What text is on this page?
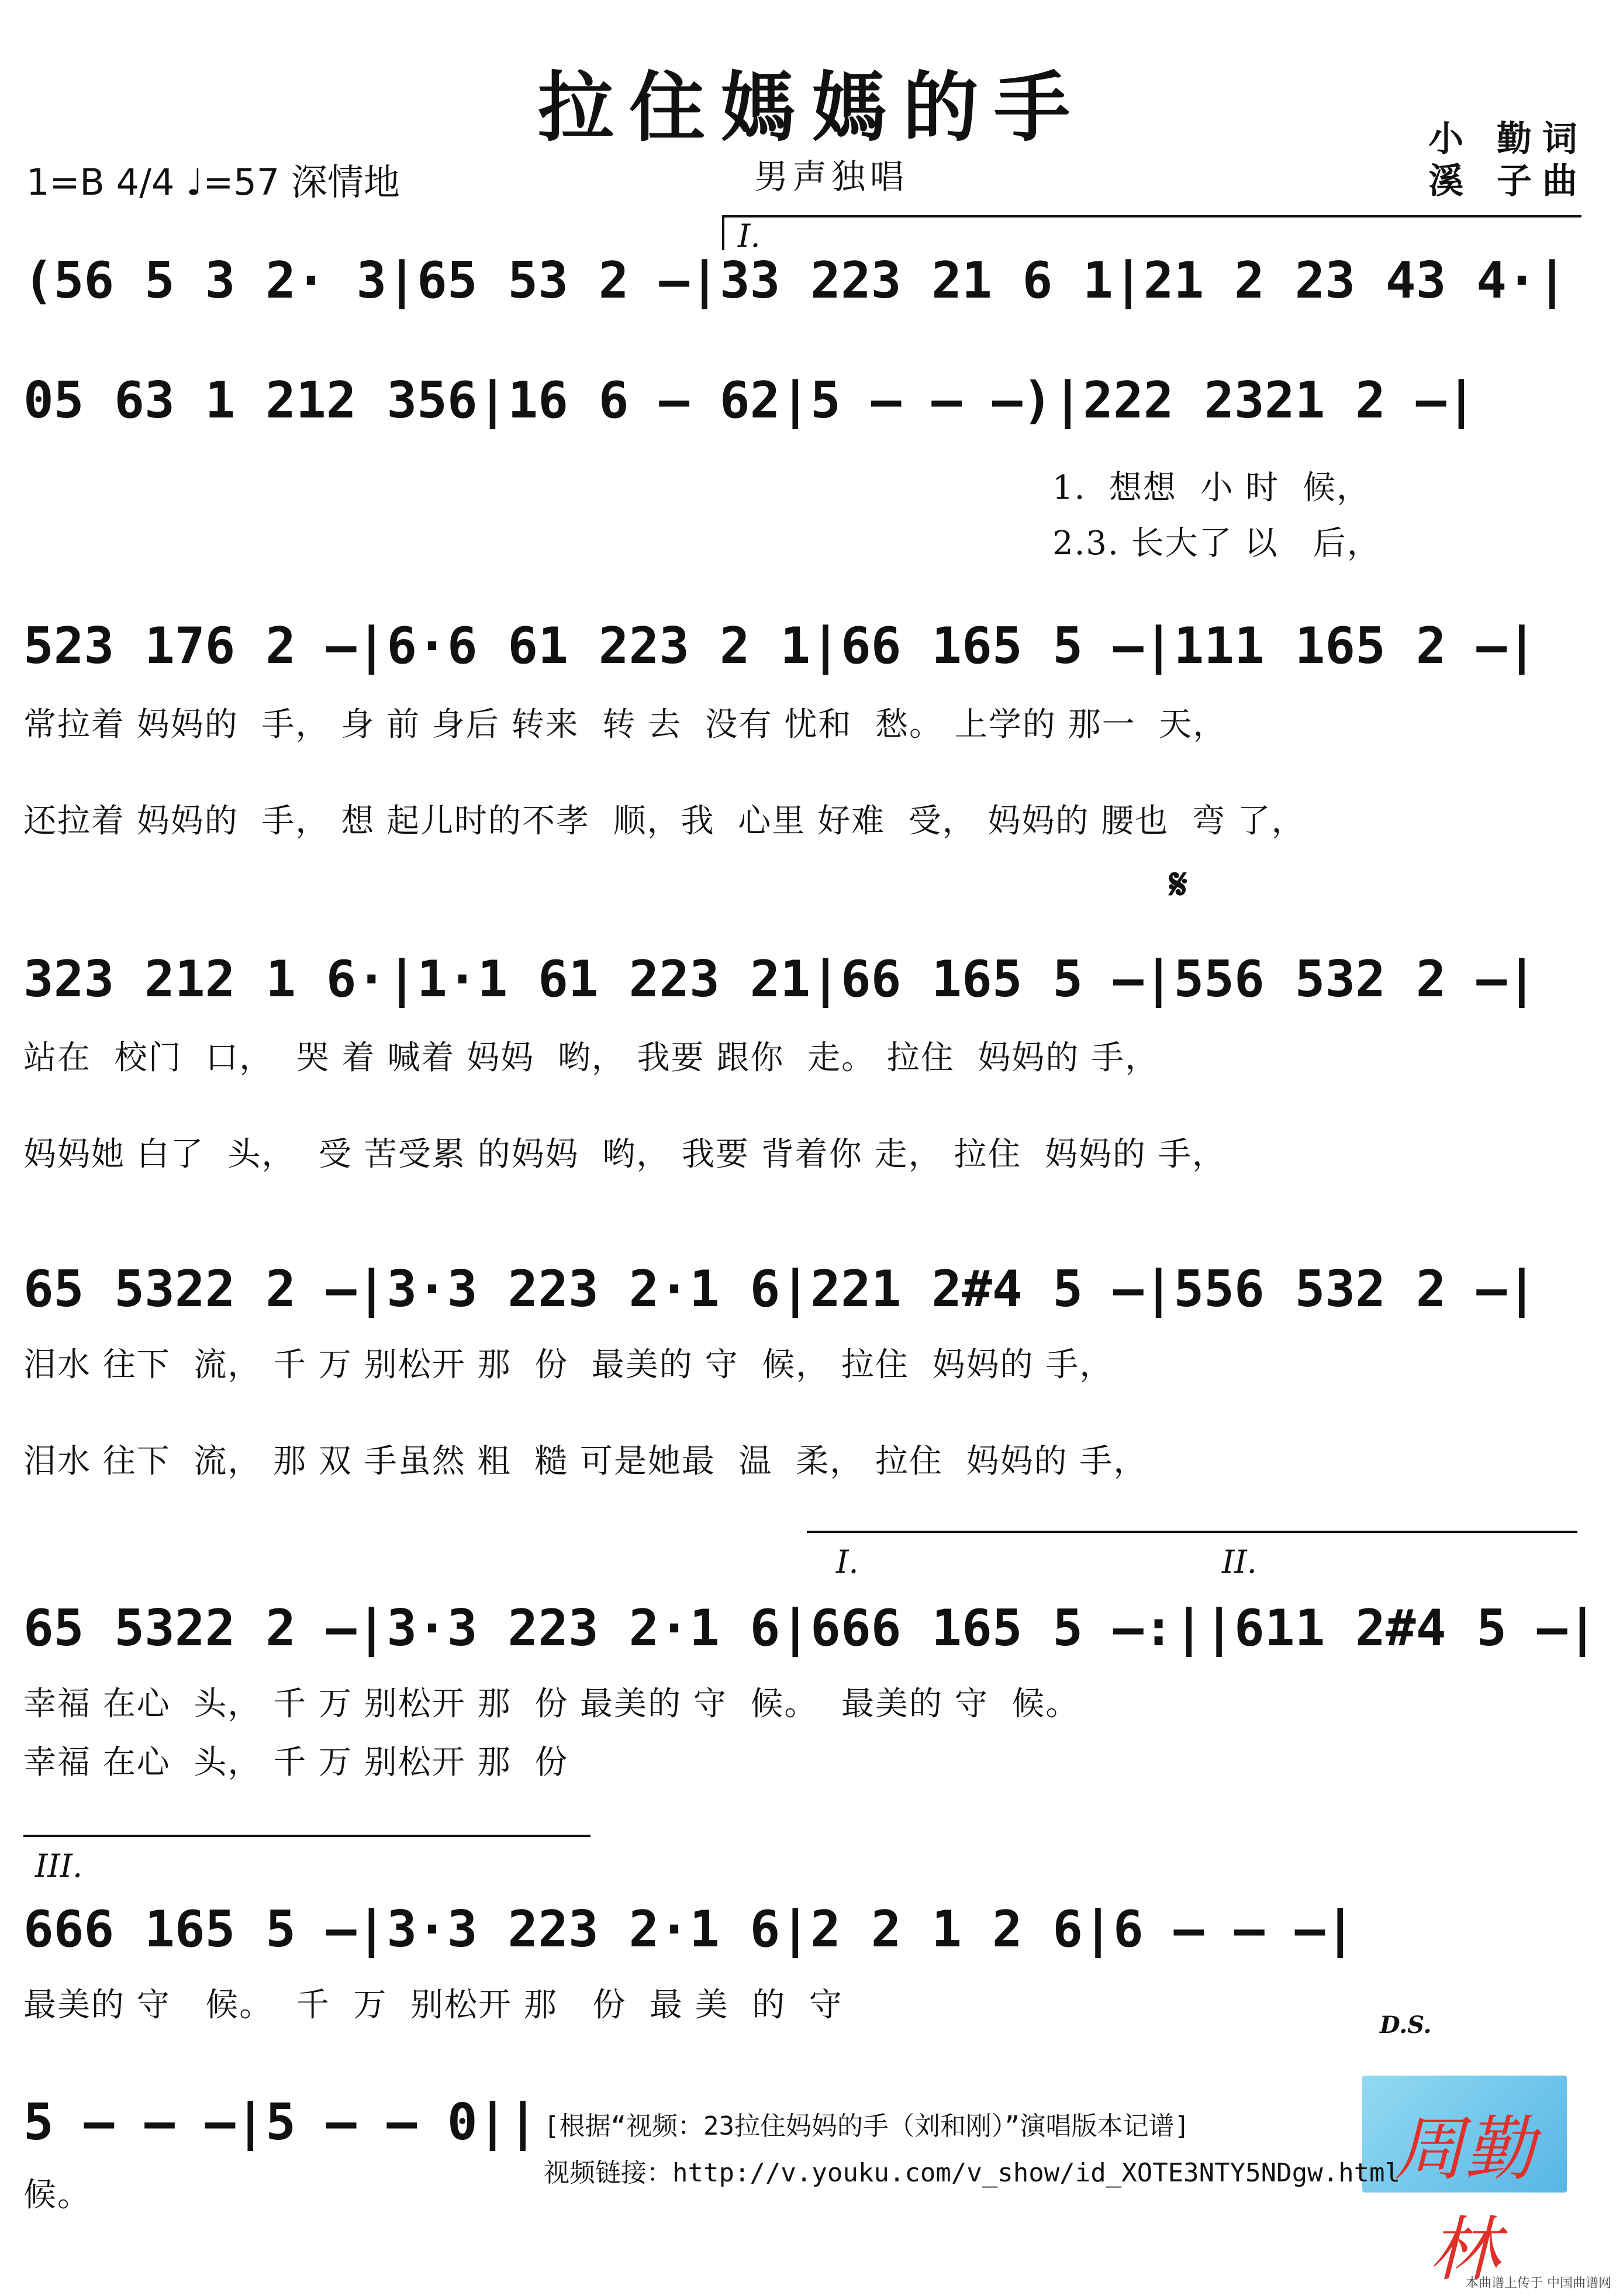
拉住媽媽的手
男声独唱
小 勤词
溪 子曲
1=B 4/4 ♩=57 深情地
I.
I.	II.
III.
𝄋
D.S.
(56 5 3 2· 3|65 53 2 –|33 223 21 6 1|21 2 23 43 4·|
05 63 1 212 356|16 6 – 62|5 – – –)|222 2321 2 –|
1.  想想  小 时  候，
2.3. 长大了 以   后，
523 176 2 –|6·6 61 223 2 1|66 165 5 –|111 165 2 –|
常拉着 妈妈的  手， 身 前 身后 转来  转 去  没有 忧和  愁。 上学的 那一  天，
还拉着 妈妈的  手， 想 起儿时的不孝  顺，我  心里 好难  受， 妈妈的 腰也  弯 了，
323 212 1 6·|1·1 61 223 21|66 165 5 –|556 532 2 –|
站在  校门  口，  哭 着 喊着 妈妈  哟， 我要 跟你  走。 拉住  妈妈的 手，
妈妈她 白了  头，  受 苦受累 的妈妈  哟， 我要 背着你 走， 拉住  妈妈的 手，
65 5322 2 –|3·3 223 2·1 6|221 2#4 5 –|556 532 2 –|
泪水 往下  流， 千 万 别松开 那  份  最美的 守  候， 拉住  妈妈的 手，
泪水 往下  流， 那 双 手虽然 粗  糙 可是她最  温  柔， 拉住  妈妈的 手，
65 5322 2 –|3·3 223 2·1 6|666 165 5 –:||611 2#4 5 –|
幸福 在心  头， 千 万 别松开 那  份 最美的 守  候。  最美的 守  候。
幸福 在心  头， 千 万 别松开 那  份
666 165 5 –|3·3 223 2·1 6|2 2 1 2 6|6 – – –|
最美的 守   候。  千  万  别松开 那   份  最 美  的  守
5 – – –|5 – – 0||
候。
周勤林
[根据“视频：23拉住妈妈的手（刘和刚）”演唱版本记谱]
视频链接：http://v.youku.com/v_show/id_XOTE3NTY5NDgw.html
本曲谱上传于 中国曲谱网
